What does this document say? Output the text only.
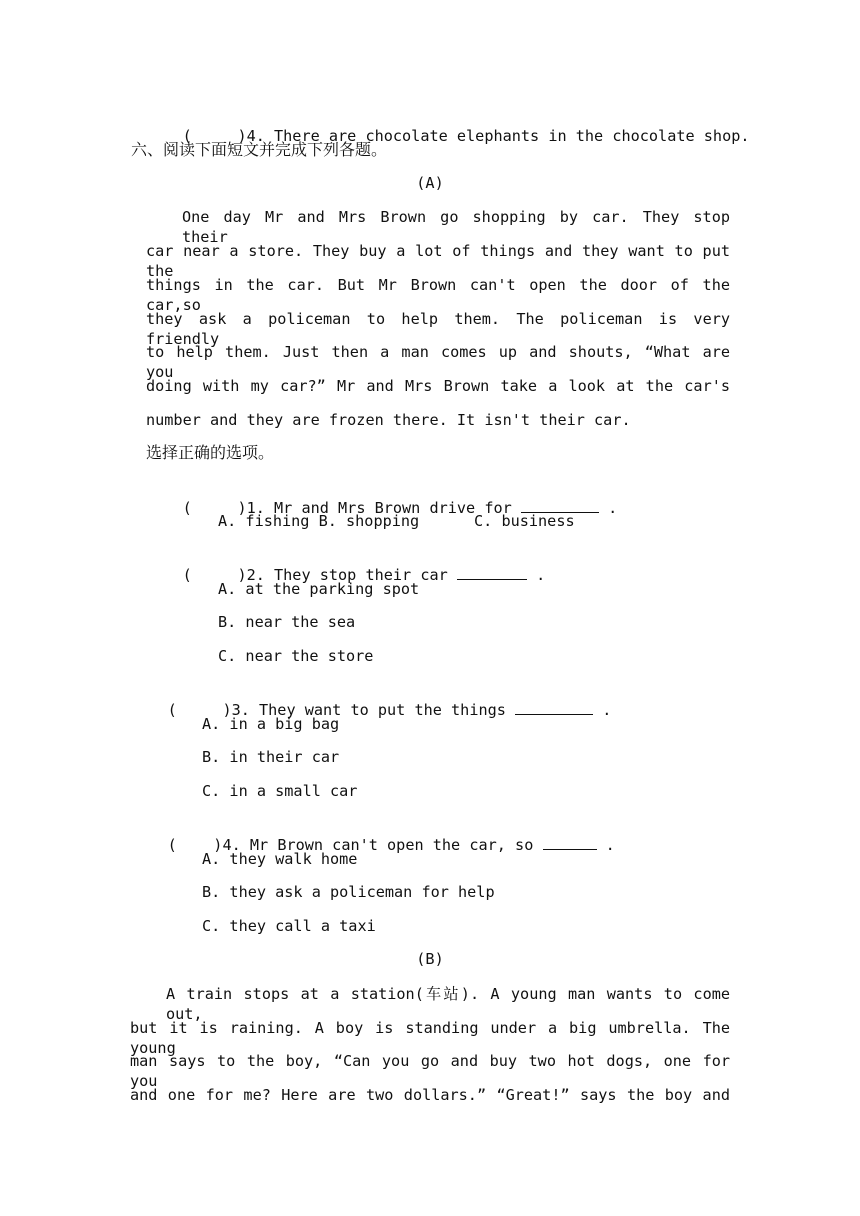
(     )4. There are chocolate elephants in the chocolate shop.

六、阅读下面短文并完成下列各题。
(A)
One day Mr and Mrs Brown go shopping by car. They stop their
car near a store. They buy a lot of things and they want to put the
things in the car. But Mr Brown can't open the door of the car,so
they ask a policeman to help them. The policeman is very friendly
to help them. Just then a man comes up and shouts, “What are you
doing with my car?” Mr and Mrs Brown take a look at the car's
number and they are frozen there. It isn't their car.
选择正确的选项。

(     )1. Mr and Mrs Brown drive for	.

A. fishing B. shopping      C. business

(     )2. They stop their car	.

A. at the parking spot
B. near the sea
C. near the store

(     )3. They want to put the things	.

A. in a big bag
B. in their car
C. in a small car

(    )4. Mr Brown can't open the car, so	.

A. they walk home
B. they ask a policeman for help
C. they call a taxi
(B)
A train stops at a station(车站). A young man wants to come out,
but it is raining. A boy is standing under a big umbrella. The young
man says to the boy, “Can you go and buy two hot dogs, one for you
and one for me? Here are two dollars.” “Great!” says the boy and
